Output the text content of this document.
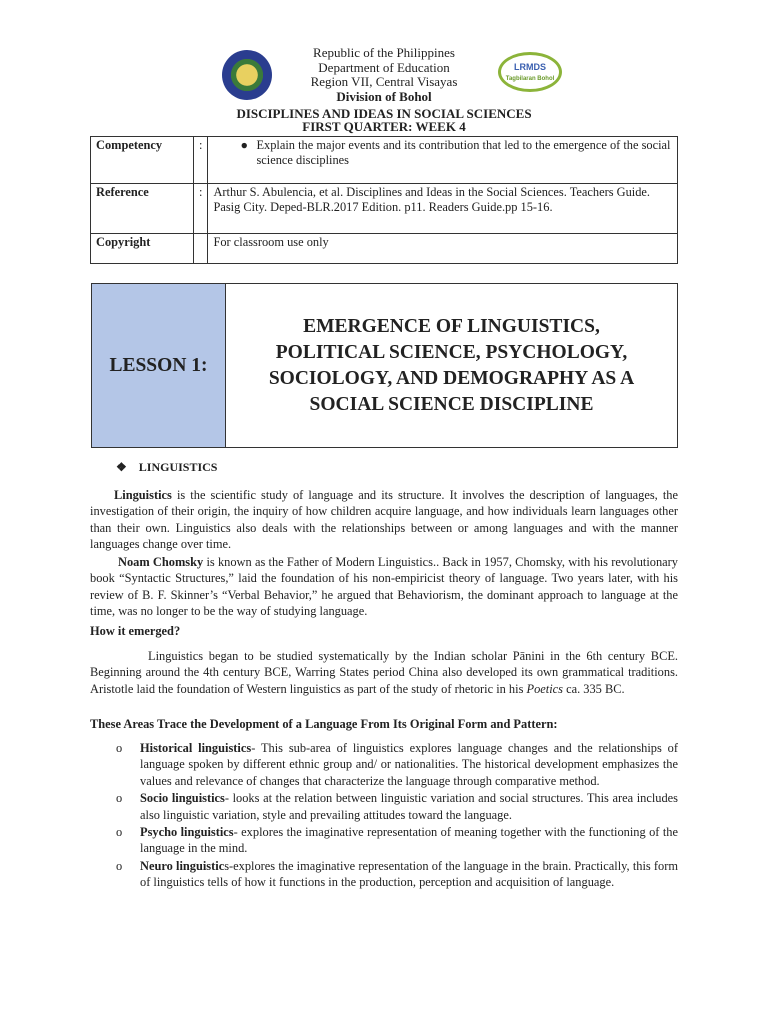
LRMDS
Tagbilaran Bohol
Republic of the Philippines
Department of Education
Region VII, Central Visayas
Division of Bohol
DISCIPLINES AND IDEAS IN SOCIAL SCIENCES
FIRST QUARTER: WEEK 4
Competency	:	● Explain the major events and its contribution that led to the emergence of the social science disciplines

Reference	:	Arthur S. Abulencia, et al. Disciplines and Ideas in the Social Sciences. Teachers Guide. Pasig City. Deped-BLR.2017 Edition. p11. Readers Guide.pp 15-16.
Copyright		For classroom use only
LESSON 1:
EMERGENCE OF LINGUISTICS,
POLITICAL SCIENCE, PSYCHOLOGY,
SOCIOLOGY, AND DEMOGRAPHY AS A
SOCIAL SCIENCE DISCIPLINE
❖ LINGUISTICS

Linguistics is the scientific study of language and its structure. It involves the description of languages, the investigation of their origin, the inquiry of how children acquire language, and how individuals learn languages other than their own. Linguistics also deals with the relationships between or among languages and with the manner languages change over time.

Noam Chomsky is known as the Father of Modern Linguistics.. Back in 1957, Chomsky, with his revolutionary book “Syntactic Structures,” laid the foundation of his non-empiricist theory of language. Two years later, with his review of B. F. Skinner’s “Verbal Behavior,” he argued that Behaviorism, the dominant approach to language at the time, was no longer to be the way of studying language.

How it emerged?

Linguistics began to be studied systematically by the Indian scholar Pānini in the 6th century BCE. Beginning around the 4th century BCE, Warring States period China also developed its own grammatical traditions. Aristotle laid the foundation of Western linguistics as part of the study of rhetoric in his Poetics ca. 335 BC.

These Areas Trace the Development of a Language From Its Original Form and Pattern:

o Historical linguistics- This sub-area of linguistics explores language changes and the relationships of language spoken by different ethnic group and/ or nationalities. The historical development emphasizes the values and relevance of changes that characterize the language through comparative method.
o Socio linguistics- looks at the relation between linguistic variation and social structures. This area includes also linguistic variation, style and prevailing attitudes toward the language.
o Psycho linguistics- explores the imaginative representation of meaning together with the functioning of the language in the mind.
o Neuro linguistics-explores the imaginative representation of the language in the brain. Practically, this form of linguistics tells of how it functions in the production, perception and acquisition of language.
